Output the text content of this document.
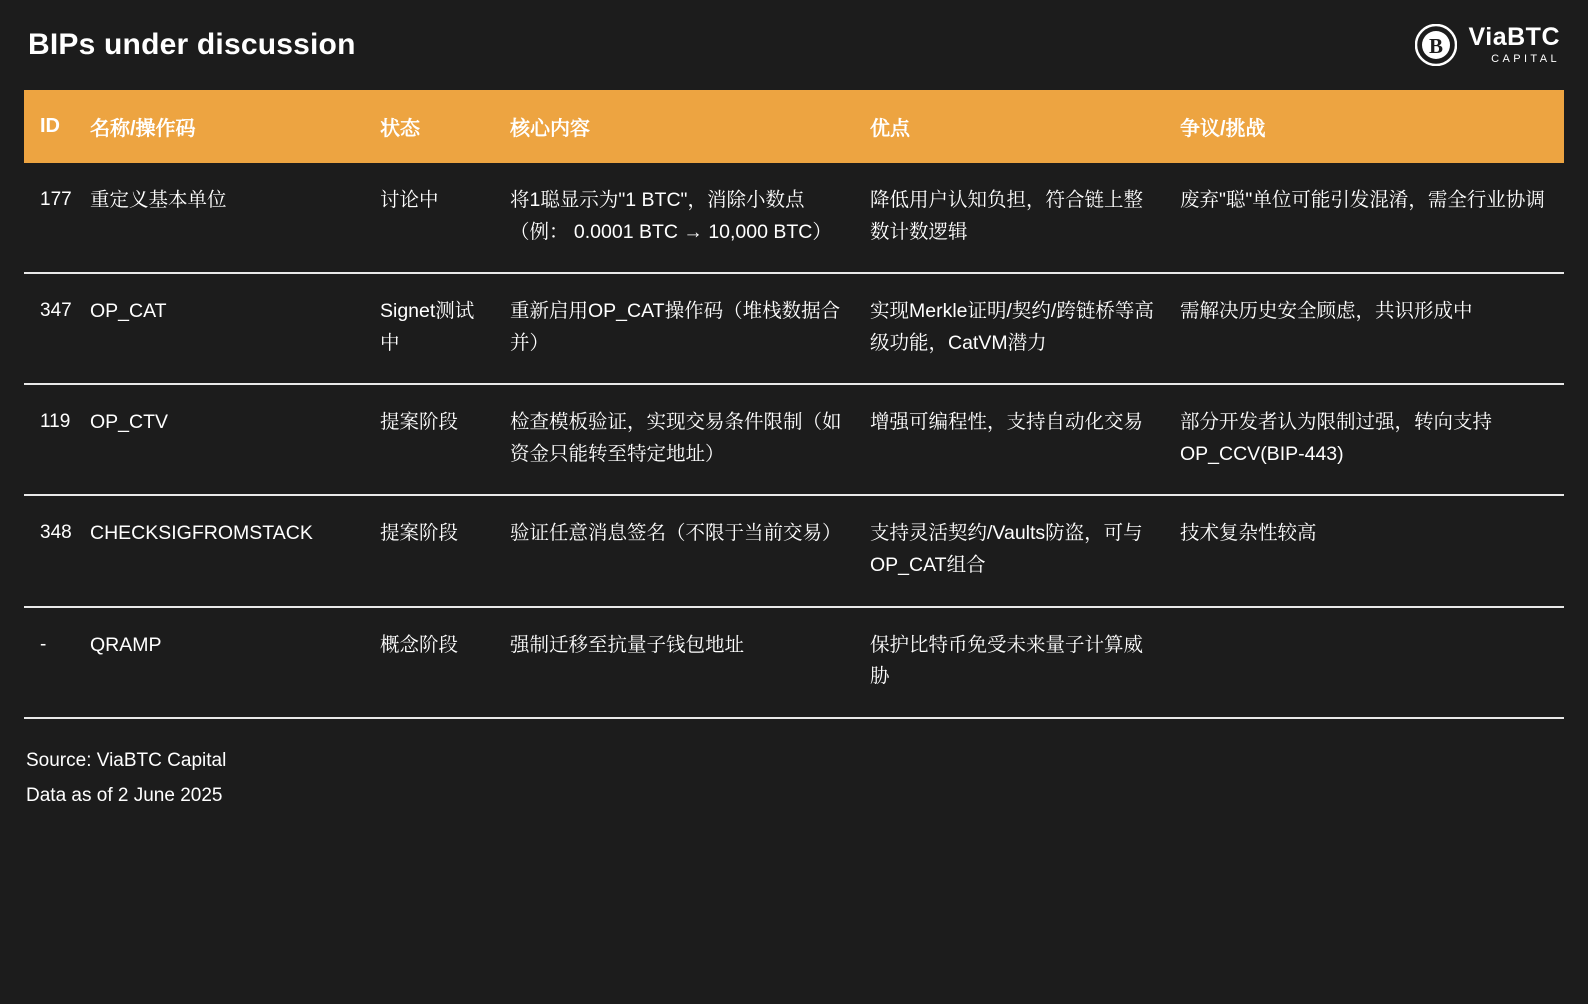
BIPs under discussion	B ViaBTC
CAPITAL
ID	名称/操作码	状态	核心内容	优点	争议/挑战
177	重定义基本单位	讨论中	将1聪显示为"1 BTC"，消除小数点（例： 0.0001 BTC → 10,000 BTC）	降低用户认知负担，符合链上整数计数逻辑	废弃"聪"单位可能引发混淆，需全行业协调
347	OP_CAT	Signet测试中	重新启用OP_CAT操作码（堆栈数据合并）	实现Merkle证明/契约/跨链桥等高级功能，CatVM潜力	需解决历史安全顾虑，共识形成中
119	OP_CTV	提案阶段	检查模板验证，实现交易条件限制（如资金只能转至特定地址）	增强可编程性，支持自动化交易	部分开发者认为限制过强，转向支持OP_CCV(BIP-443)
348	CHECKSIGFROMSTACK	提案阶段	验证任意消息签名（不限于当前交易）	支持灵活契约/Vaults防盗，可与OP_CAT组合	技术复杂性较高
-	QRAMP	概念阶段	强制迁移至抗量子钱包地址	保护比特币免受未来量子计算威胁	
Source: ViaBTC Capital
Data as of 2 June 2025
